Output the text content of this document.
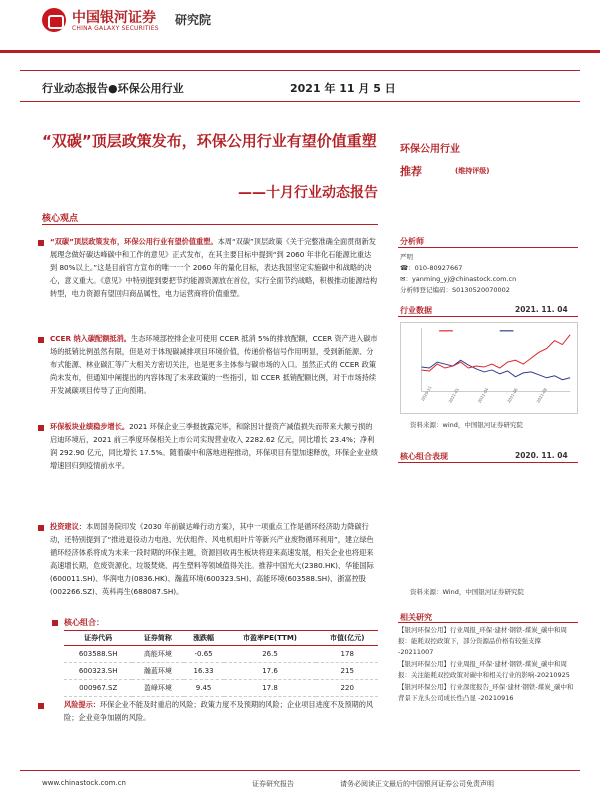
中国银河证券
CHINA GALAXY SECURITIES
研究院
行业动态报告●环保公用行业	2021 年 11 月 5 日
“双碳”顶层政策发布，环保公用行业有望价值重塑
——十月行业动态报告
核心观点
“双碳”顶层政策发布，环保公用行业有望价值重塑。本周“双碳”顶层政策《关于完整准确全面贯彻新发展理念做好碳达峰碳中和工作的意见》正式发布，在其主要目标中提到“到 2060 年非化石能源比重达到 80%以上。”这是目前官方宣布的唯一一个 2060 年的量化目标，表达我国坚定实施碳中和战略的决心，意义重大。《意见》中特别提到要把节约能源资源放在首位，实行全面节约战略，积极推动能源结构转型，电力资源有望回归商品属性，电力运营商将价值重塑。
CCER 纳入碳配额抵消。生态环境部控排企业可使用 CCER 抵消 5%的排放配额，CCER 资产进入碳市场的抵销比例虽然有限，但是对于体现碳减排项目环境价值，传递价格信号作用明显，受到新能源、分布式能源、林业碳汇等广大相关方密切关注，也是更多主体参与碳市场的入口。虽然正式的 CCER 政策尚未发布，但通知中阐提出的内容体现了未来政策的一些指引，如 CCER 抵销配额比例，对于市场持续开发减碳项目传导了正向预期。
环保板块业绩稳步增长。2021 环保企业三季报披露完毕，和除因计提资产减值损失而带来大额亏损的启迪环境后，2021 前三季度环保相关上市公司实现营业收入 2282.62 亿元，同比增长 23.4%；净利润 292.90 亿元，同比增长 17.5%。随着碳中和落地进程推动，环保项目有望加速释放，环保企业业绩增速回归到疫情前水平。
投资建议：本周国务院印发《2030 年前碳达峰行动方案》，其中一项重点工作是循环经济助力降碳行动，还特别提到了“推进退役动力电池、光伏组件、风电机组叶片等新兴产业废物循环利用”，建立绿色循环经济体系将成为未来一段时期的环保主题，资源回收再生板块将迎来高速发展，相关企业也将迎来高速增长期，危废资源化、垃圾焚烧、再生塑料等领域值得关注。推荐中国光大(2380.HK)、华能国际(600011.SH)、华润电力(0836.HK)、瀚蓝环境(600323.SH)、高能环境(603588.SH)、浙富控股(002266.SZ)、英科再生(688087.SH)。
核心组合：
证券代码	证券简称	涨跌幅	市盈率PE(TTM)	市值(亿元)
603588.SH	高能环境	-0.65	26.5	178
600323.SH	瀚蓝环境	16.33	17.6	215
000967.SZ	盈峰环境	9.45	17.8	220
风险提示：环保企业不能及时重启的风险；政策力度不及预期的风险；企业项目进度不及预期的风险；企业竞争加剧的风险。
环保公用行业
推荐	(维持评级)
分析师
严明
☎：010-80927667
✉：yanming_yj@chinastock.com.cn
分析师登记编码：S0130520070002
行业数据	2021. 11. 04
2020-11	2021-01	2021-04	2021-06	2021-08
资料来源：wind，中国银河证券研究院
核心组合表现	2020. 11. 04
资料来源：Wind，中国银河证券研究院
相关研究
【银河环保公用】行业周报_环保·建材·钢铁-煤炭_碳中和周报：能耗双控政策下，部分资源品价格有较强支撑 -20211007
【银河环保公用】行业周报_环保·建材·钢铁-煤炭_碳中和周报：关注能耗双控政策对碳中和相关行业的影响-20210925
【银河环保公用】行业深度报告_环保·建材·钢铁-煤炭_碳中和背景下龙头公司成长性凸显 -20210916
www.chinastock.com.cn	证券研究报告	请务必阅读正文最后的中国银河证券公司免责声明
